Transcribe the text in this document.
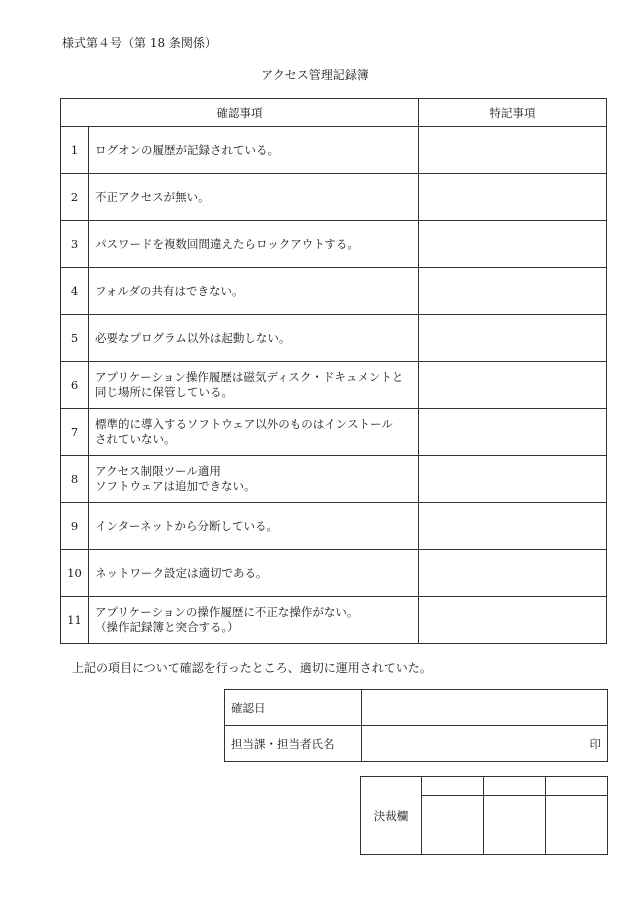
様式第４号（第 18 条関係）
アクセス管理記録簿
確認事項		特記事項
1	ログオンの履歴が記録されている。	
2	不正アクセスが無い。	
3	パスワードを複数回間違えたらロックアウトする。	
4	フォルダの共有はできない。	
5	必要なプログラム以外は起動しない。	
6	アプリケーション操作履歴は磁気ディスク・ドキュメントと
同じ場所に保管している。	
7	標準的に導入するソフトウェア以外のものはインストール
されていない。	
8	アクセス制限ツール適用
ソフトウェアは追加できない。	
9	インターネットから分断している。	
10	ネットワーク設定は適切である。	
11	アプリケーションの操作履歴に不正な操作がない。
（操作記録簿と突合する。）	
上記の項目について確認を行ったところ、適切に運用されていた。
確認日	
担当課・担当者氏名	印
決裁欄			
